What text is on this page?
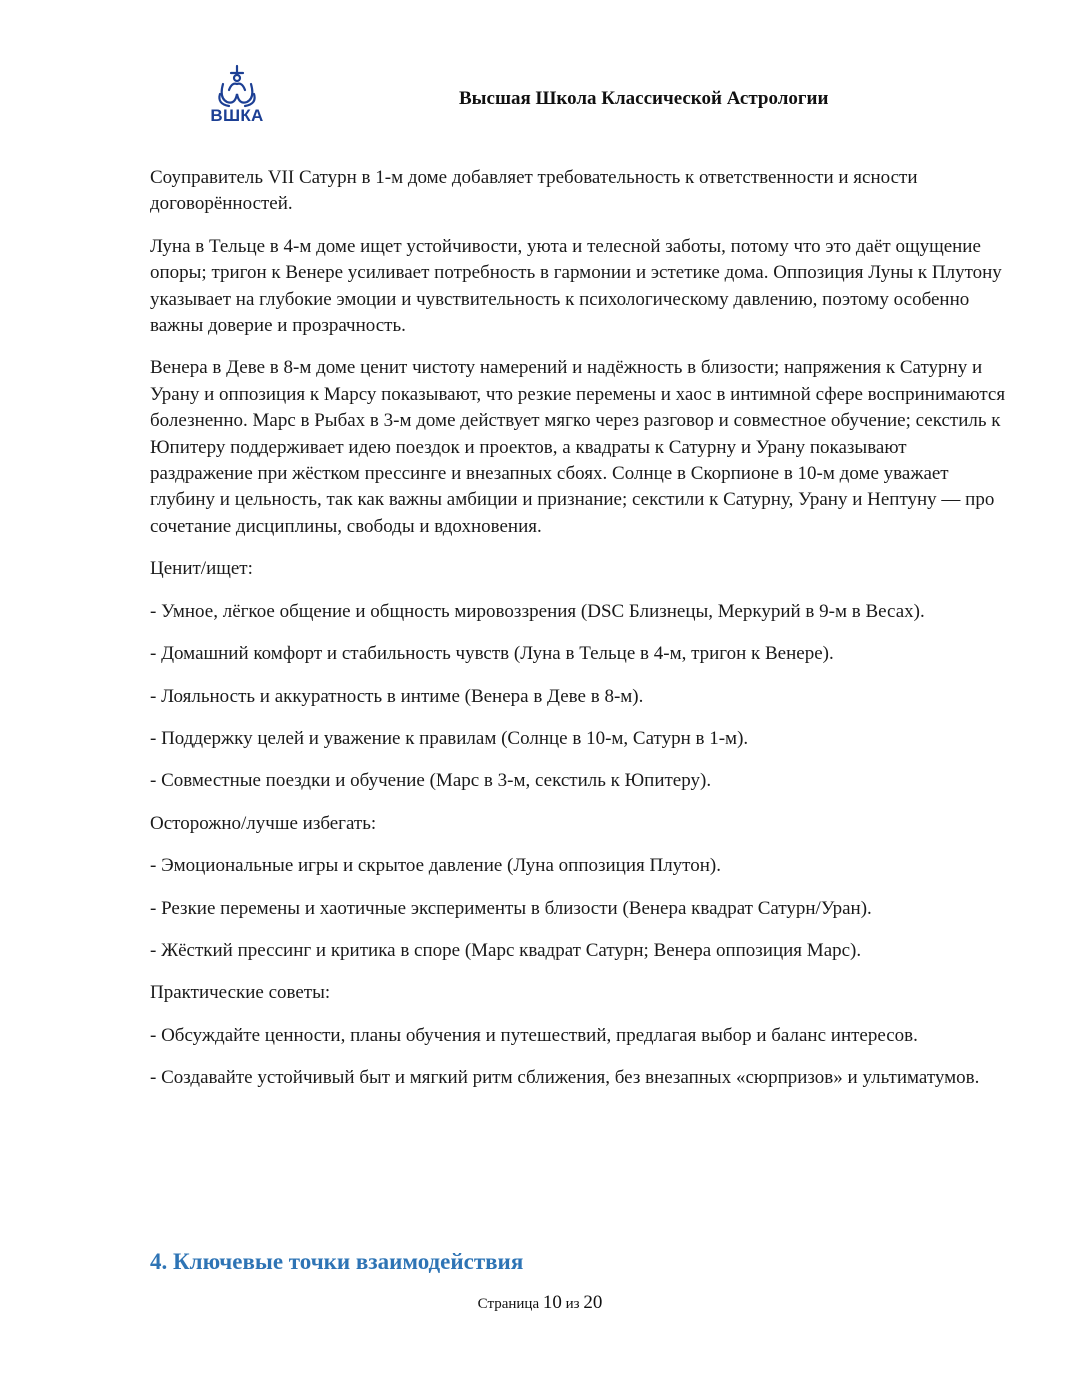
ВШКА
Высшая Школа Классической Астрологии

Соуправитель VII Сатурн в 1-м доме добавляет требовательность к ответственности и ясности договорённостей.

Луна в Тельце в 4-м доме ищет устойчивости, уюта и телесной заботы, потому что это даёт ощущение опоры; тригон к Венере усиливает потребность в гармонии и эстетике дома. Оппозиция Луны к Плутону указывает на глубокие эмоции и чувствительность к психологическому давлению, поэтому особенно важны доверие и прозрачность.

Венера в Деве в 8-м доме ценит чистоту намерений и надёжность в близости; напряжения к Сатурну и Урану и оппозиция к Марсу показывают, что резкие перемены и хаос в интимной сфере воспринимаются болезненно. Марс в Рыбах в 3-м доме действует мягко через разговор и совместное обучение; секстиль к Юпитеру поддерживает идею поездок и проектов, а квадраты к Сатурну и Урану показывают раздражение при жёстком прессинге и внезапных сбоях. Солнце в Скорпионе в 10-м доме уважает глубину и цельность, так как важны амбиции и признание; секстили к Сатурну, Урану и Нептуну — про сочетание дисциплины, свободы и вдохновения.

Ценит/ищет:

- Умное, лёгкое общение и общность мировоззрения (DSC Близнецы, Меркурий в 9-м в Весах).

- Домашний комфорт и стабильность чувств (Луна в Тельце в 4-м, тригон к Венере).

- Лояльность и аккуратность в интиме (Венера в Деве в 8-м).

- Поддержку целей и уважение к правилам (Солнце в 10-м, Сатурн в 1-м).

- Совместные поездки и обучение (Марс в 3-м, секстиль к Юпитеру).

Осторожно/лучше избегать:

- Эмоциональные игры и скрытое давление (Луна оппозиция Плутон).

- Резкие перемены и хаотичные эксперименты в близости (Венера квадрат Сатурн/Уран).

- Жёсткий прессинг и критика в споре (Марс квадрат Сатурн; Венера оппозиция Марс).

Практические советы:

- Обсуждайте ценности, планы обучения и путешествий, предлагая выбор и баланс интересов.

- Создавайте устойчивый быт и мягкий ритм сближения, без внезапных «сюрпризов» и ультиматумов.

4. Ключевые точки взаимодействия
Страница 10 из 20
